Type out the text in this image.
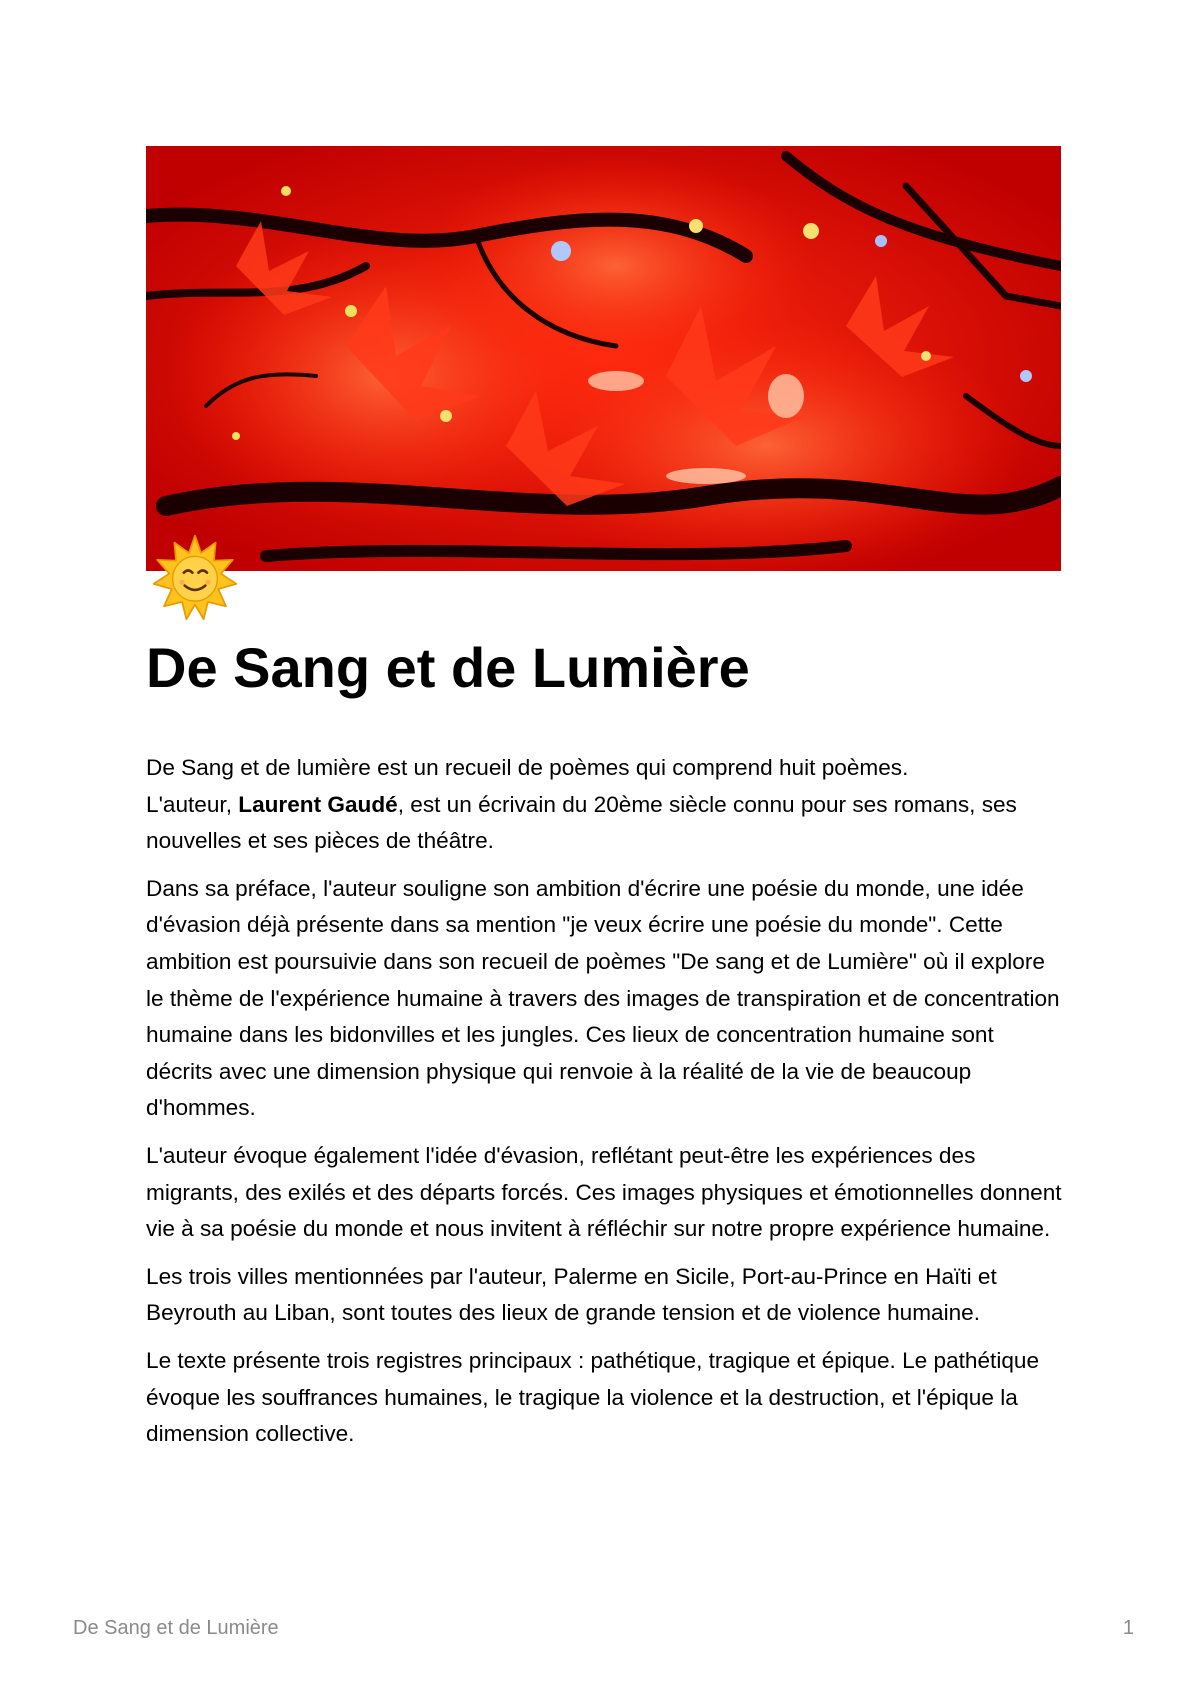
De Sang et de Lumière

De Sang et de lumière est un recueil de poèmes qui comprend huit poèmes.
L'auteur, Laurent Gaudé, est un écrivain du 20ème siècle connu pour ses romans, ses nouvelles et ses pièces de théâtre.

Dans sa préface, l'auteur souligne son ambition d'écrire une poésie du monde, une idée d'évasion déjà présente dans sa mention "je veux écrire une poésie du monde". Cette ambition est poursuivie dans son recueil de poèmes "De sang et de Lumière" où il explore le thème de l'expérience humaine à travers des images de transpiration et de concentration humaine dans les bidonvilles et les jungles. Ces lieux de concentration humaine sont décrits avec une dimension physique qui renvoie à la réalité de la vie de beaucoup d'hommes.

L'auteur évoque également l'idée d'évasion, reflétant peut-être les expériences des migrants, des exilés et des départs forcés. Ces images physiques et émotionnelles donnent vie à sa poésie du monde et nous invitent à réfléchir sur notre propre expérience humaine.

Les trois villes mentionnées par l'auteur, Palerme en Sicile, Port-au-Prince en Haïti et Beyrouth au Liban, sont toutes des lieux de grande tension et de violence humaine.

Le texte présente trois registres principaux : pathétique, tragique et épique. Le pathétique évoque les souffrances humaines, le tragique la violence et la destruction, et l'épique la dimension collective.

De Sang et de Lumière	1
